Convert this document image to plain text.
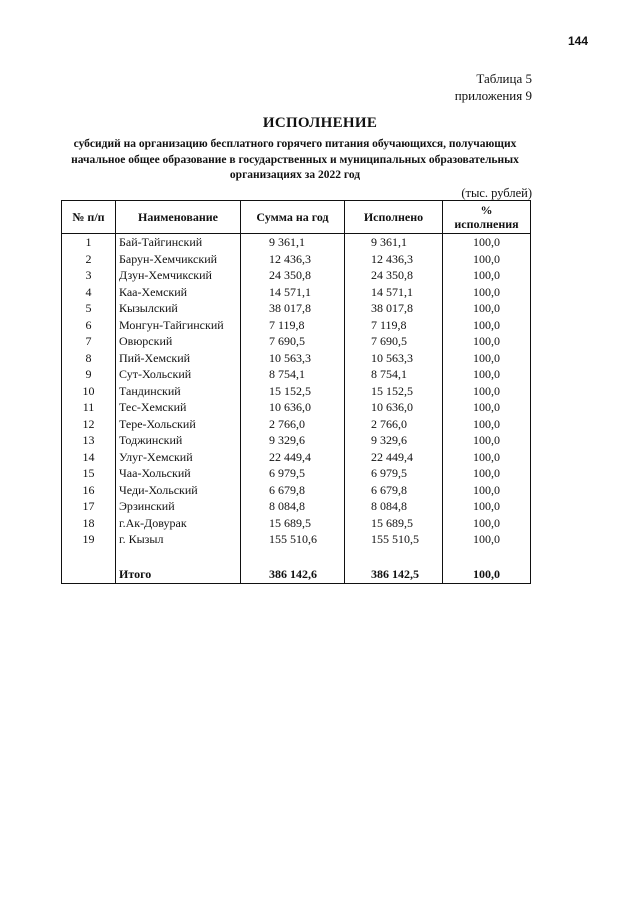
144
Таблица 5
приложения 9
ИСПОЛНЕНИЕ
субсидий на организацию бесплатного горячего питания обучающихся, получающих
начальное общее образование в государственных и муниципальных образовательных
организациях за 2022 год
(тыс. рублей)
№ п/п	Наименование	Сумма на год	Исполнено	%
исполнения

1	Бай-Тайгинский	9 361,1	9 361,1	100,0
2	Барун-Хемчикский	12 436,3	12 436,3	100,0
3	Дзун-Хемчикский	24 350,8	24 350,8	100,0
4	Каа-Хемский	14 571,1	14 571,1	100,0
5	Кызылский	38 017,8	38 017,8	100,0
6	Монгун-Тайгинский	7 119,8	7 119,8	100,0
7	Овюрский	7 690,5	7 690,5	100,0
8	Пий-Хемский	10 563,3	10 563,3	100,0
9	Сут-Хольский	8 754,1	8 754,1	100,0
10	Тандинский	15 152,5	15 152,5	100,0
11	Тес-Хемский	10 636,0	10 636,0	100,0
12	Тере-Хольский	2 766,0	2 766,0	100,0
13	Тоджинский	9 329,6	9 329,6	100,0
14	Улуг-Хемский	22 449,4	22 449,4	100,0
15	Чаа-Хольский	6 979,5	6 979,5	100,0
16	Чеди-Хольский	6 679,8	6 679,8	100,0
17	Эрзинский	8 084,8	8 084,8	100,0
18	г.Ак-Довурак	15 689,5	15 689,5	100,0
19	г. Кызыл	155 510,6	155 510,5	100,0

	Итого	386 142,6	386 142,5	100,0
